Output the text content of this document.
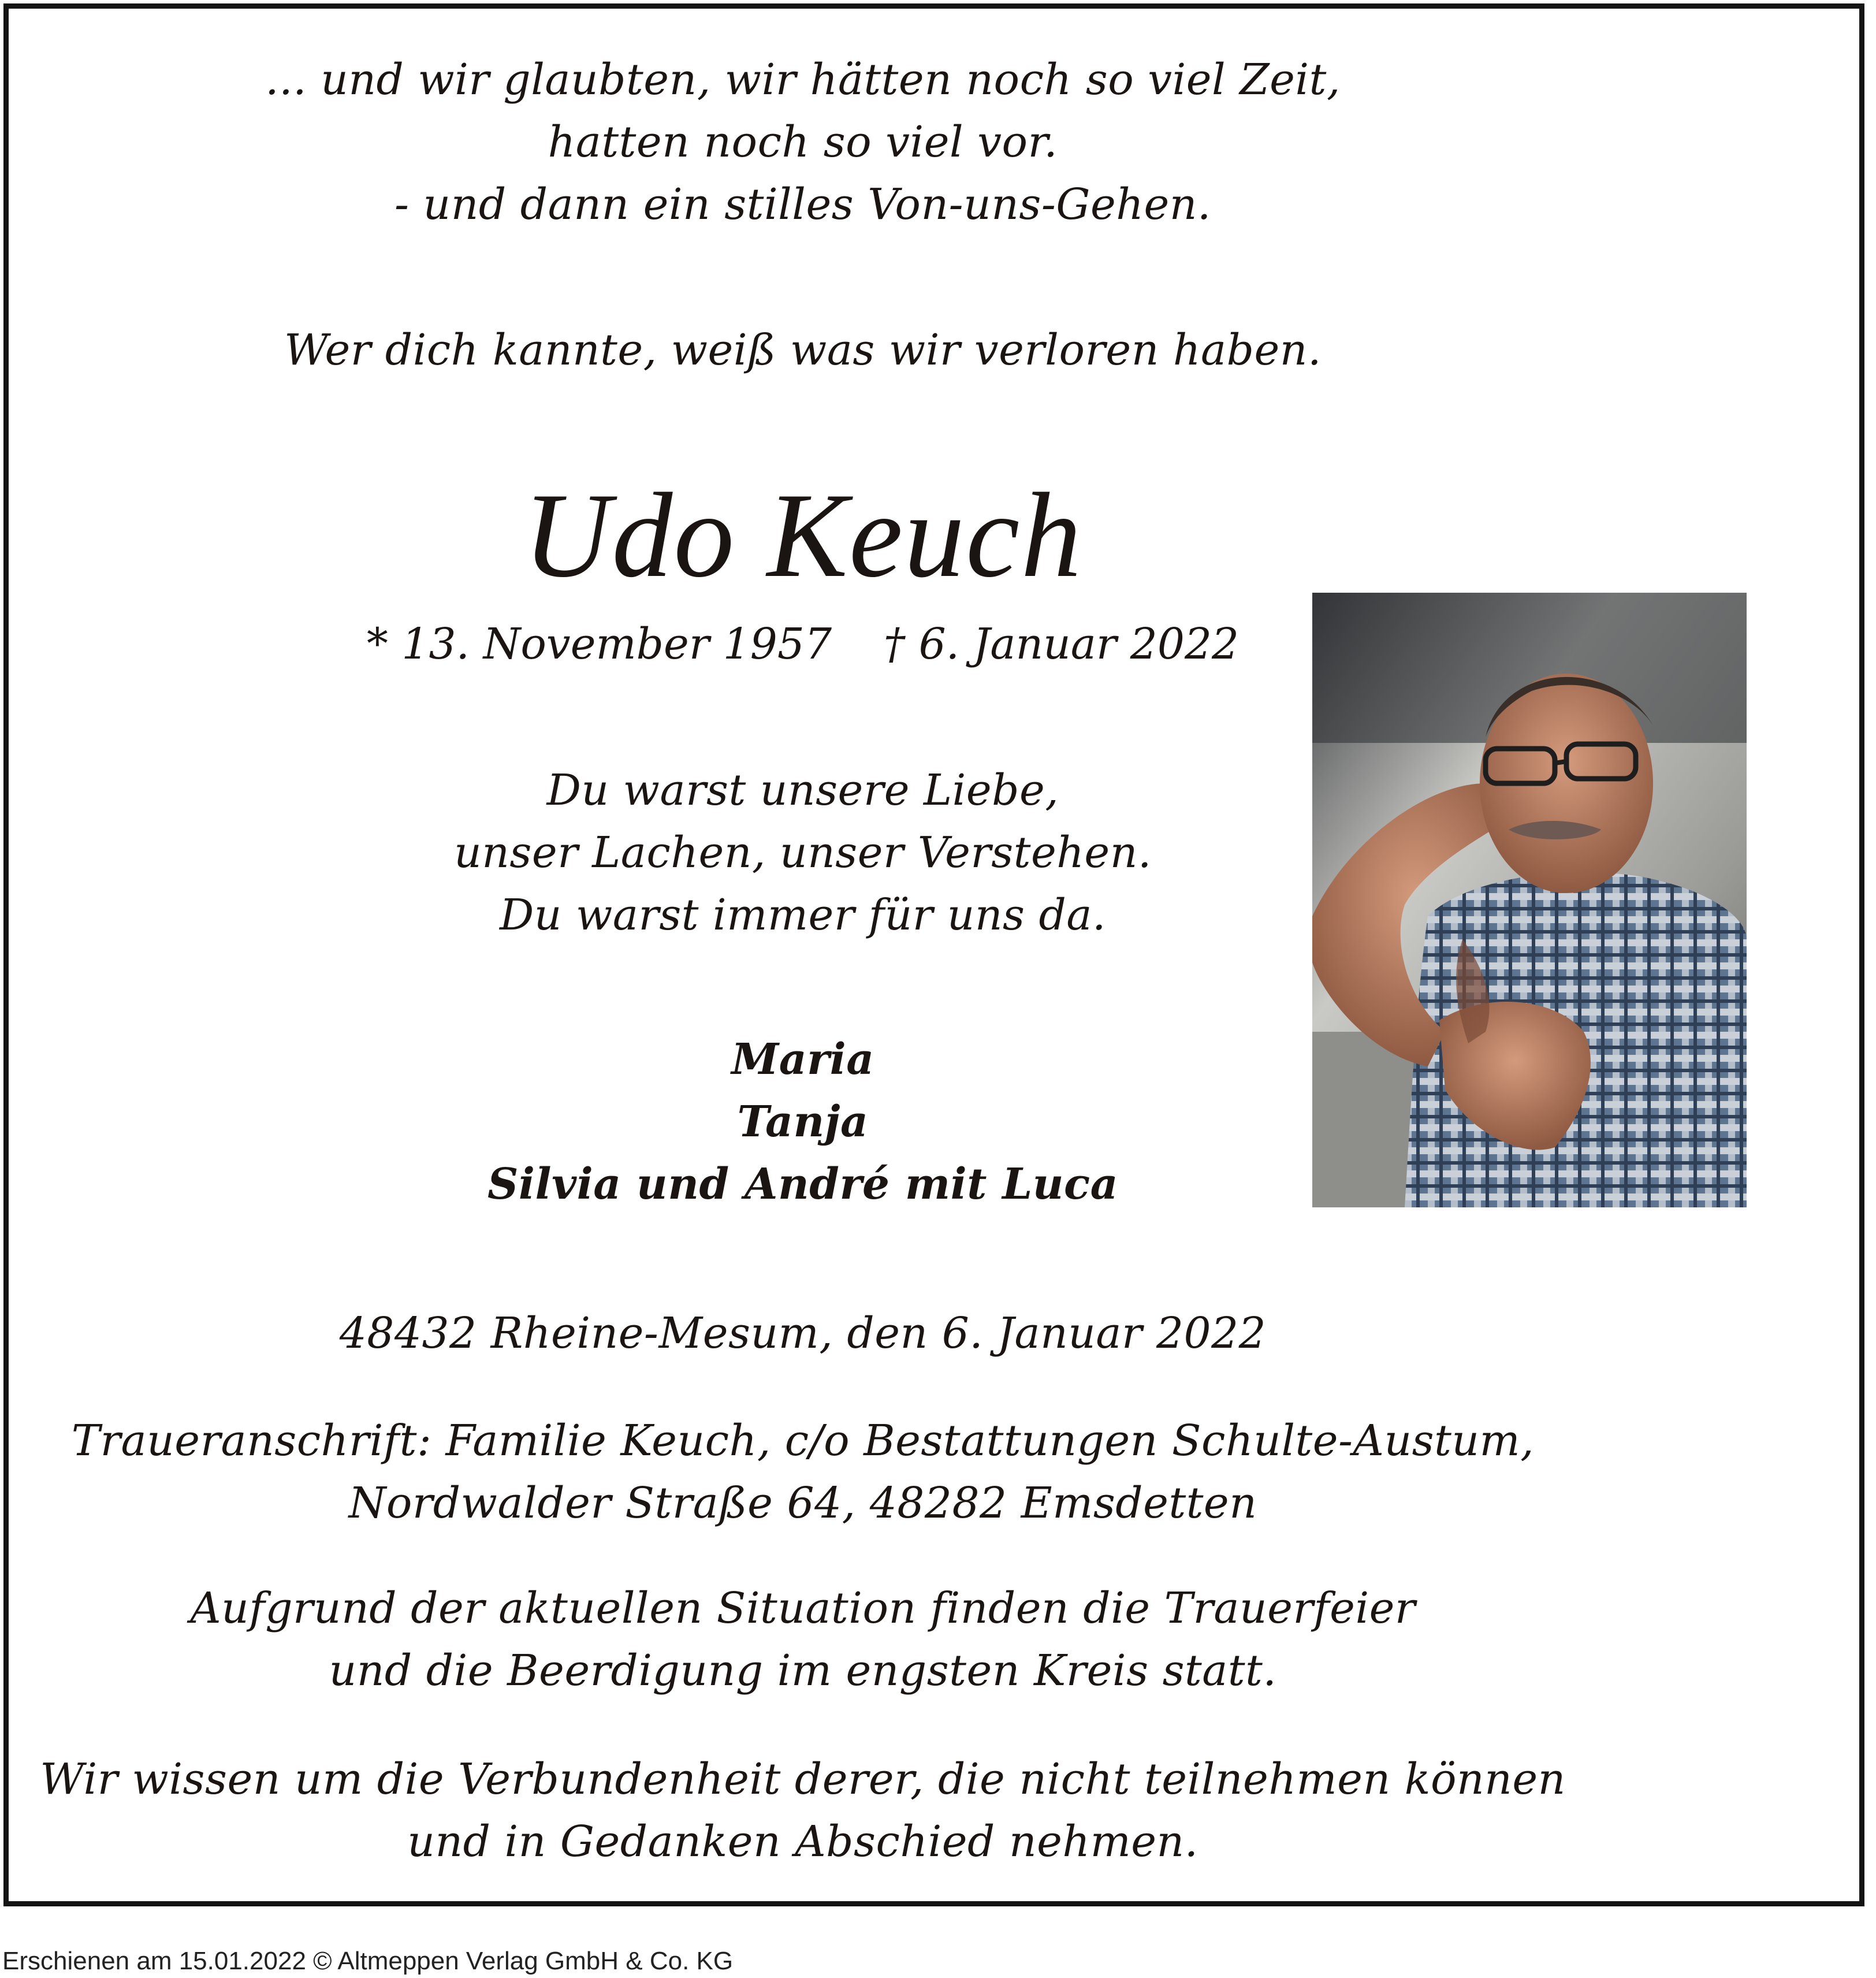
... und wir glaubten, wir hätten noch so viel Zeit,
hatten noch so viel vor.
- und dann ein stilles Von-uns-Gehen.
Wer dich kannte, weiß was wir verloren haben.
Udo Keuch
* 13. November 1957 † 6. Januar 2022
Du warst unsere Liebe,
unser Lachen, unser Verstehen.
Du warst immer für uns da.
Maria
Tanja
Silvia und André mit Luca
48432 Rheine-Mesum, den 6. Januar 2022
Traueranschrift: Familie Keuch, c/o Bestattungen Schulte-Austum,
Nordwalder Straße 64, 48282 Emsdetten
Aufgrund der aktuellen Situation finden die Trauerfeier
und die Beerdigung im engsten Kreis statt.
Wir wissen um die Verbundenheit derer, die nicht teilnehmen können
und in Gedanken Abschied nehmen.
Erschienen am 15.01.2022 © Altmeppen Verlag GmbH & Co. KG
